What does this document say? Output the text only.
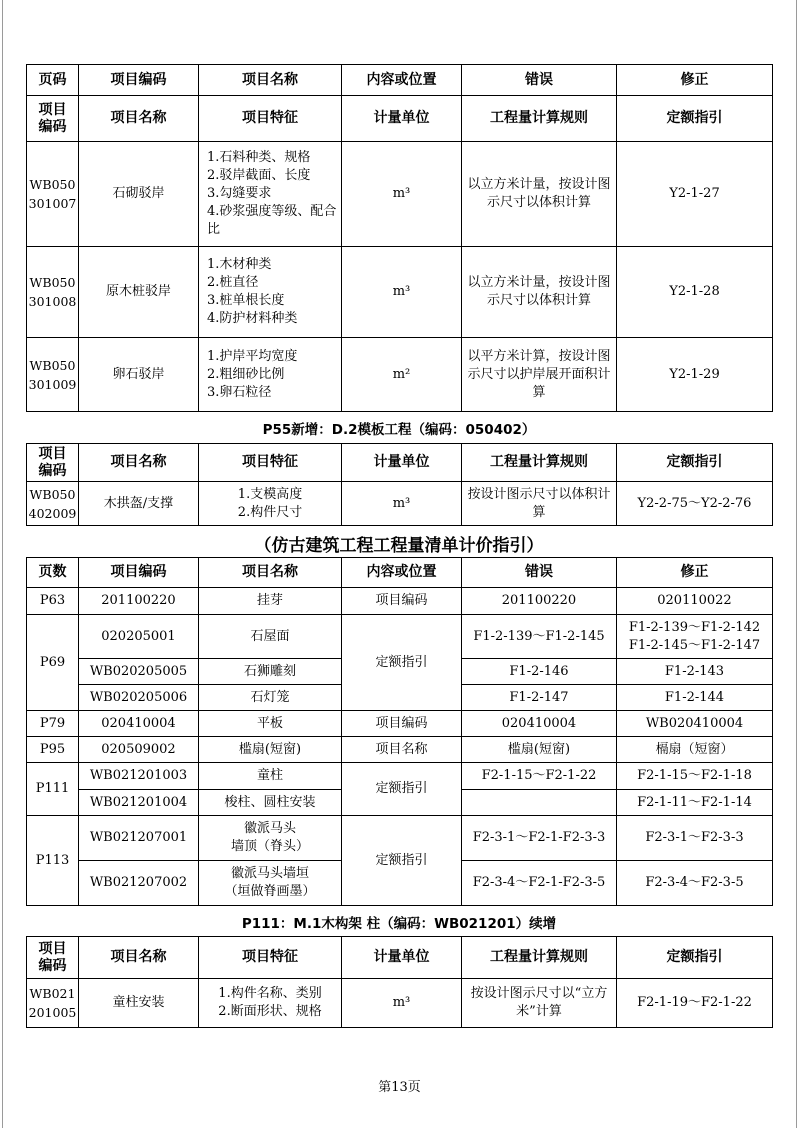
页码	项目编码	项目名称	内容或位置	错误	修正
项目
编码	项目名称	项目特征	计量单位	工程量计算规则	定额指引
WB050301007	石砌驳岸	1.石料种类、规格
2.驳岸截面、长度
3.勾缝要求
4.砂浆强度等级、配合比	m³	以立方米计量，按设计图示尺寸以体积计算	Y2-1-27
WB050301008	原木桩驳岸	1.木材种类
2.桩直径
3.桩单根长度
4.防护材料种类	m³	以立方米计量，按设计图示尺寸以体积计算	Y2-1-28
WB050301009	卵石驳岸	1.护岸平均宽度
2.粗细砂比例
3.卵石粒径	m²	以平方米计算，按设计图示尺寸以护岸展开面积计算	Y2-1-29
P55新增：D.2模板工程（编码：050402）
项目
编码	项目名称	项目特征	计量单位	工程量计算规则	定额指引
WB050402009	木拱盔/支撑	1.支模高度
2.构件尺寸	m³	按设计图示尺寸以体积计算	Y2-2-75～Y2-2-76
（仿古建筑工程工程量清单计价指引）
页数	项目编码	项目名称	内容或位置	错误	修正
P63	201100220	挂芽	项目编码	201100220	020110022
P69	020205001	石屋面	定额指引	F1-2-139～F1-2-145	F1-2-139～F1-2-142
F1-2-145～F1-2-147
	WB020205005	石狮雕刻		F1-2-146	F1-2-143
	WB020205006	石灯笼		F1-2-147	F1-2-144
P79	020410004	平板	项目编码	020410004	WB020410004
P95	020509002	槛扇(短窗)	项目名称	槛扇(短窗)	槅扇（短窗）
P111	WB021201003	童柱	定额指引	F2-1-15～F2-1-22	F2-1-15～F2-1-18
	WB021201004	梭柱、圆柱安装			F2-1-11～F2-1-14
P113	WB021207001	徽派马头
墙顶（脊头）	定额指引	F2-3-1～F2-1-F2-3-3	F2-3-1～F2-3-3
	WB021207002	徽派马头墙垣
（垣做脊画墨）		F2-3-4～F2-1-F2-3-5	F2-3-4～F2-3-5
P111：M.1木构架 柱（编码：WB021201）续增
项目
编码	项目名称	项目特征	计量单位	工程量计算规则	定额指引
WB021201005	童柱安装	1.构件名称、类别
2.断面形状、规格	m³	按设计图示尺寸以“立方米”计算	F2-1-19～F2-1-22
第13页
